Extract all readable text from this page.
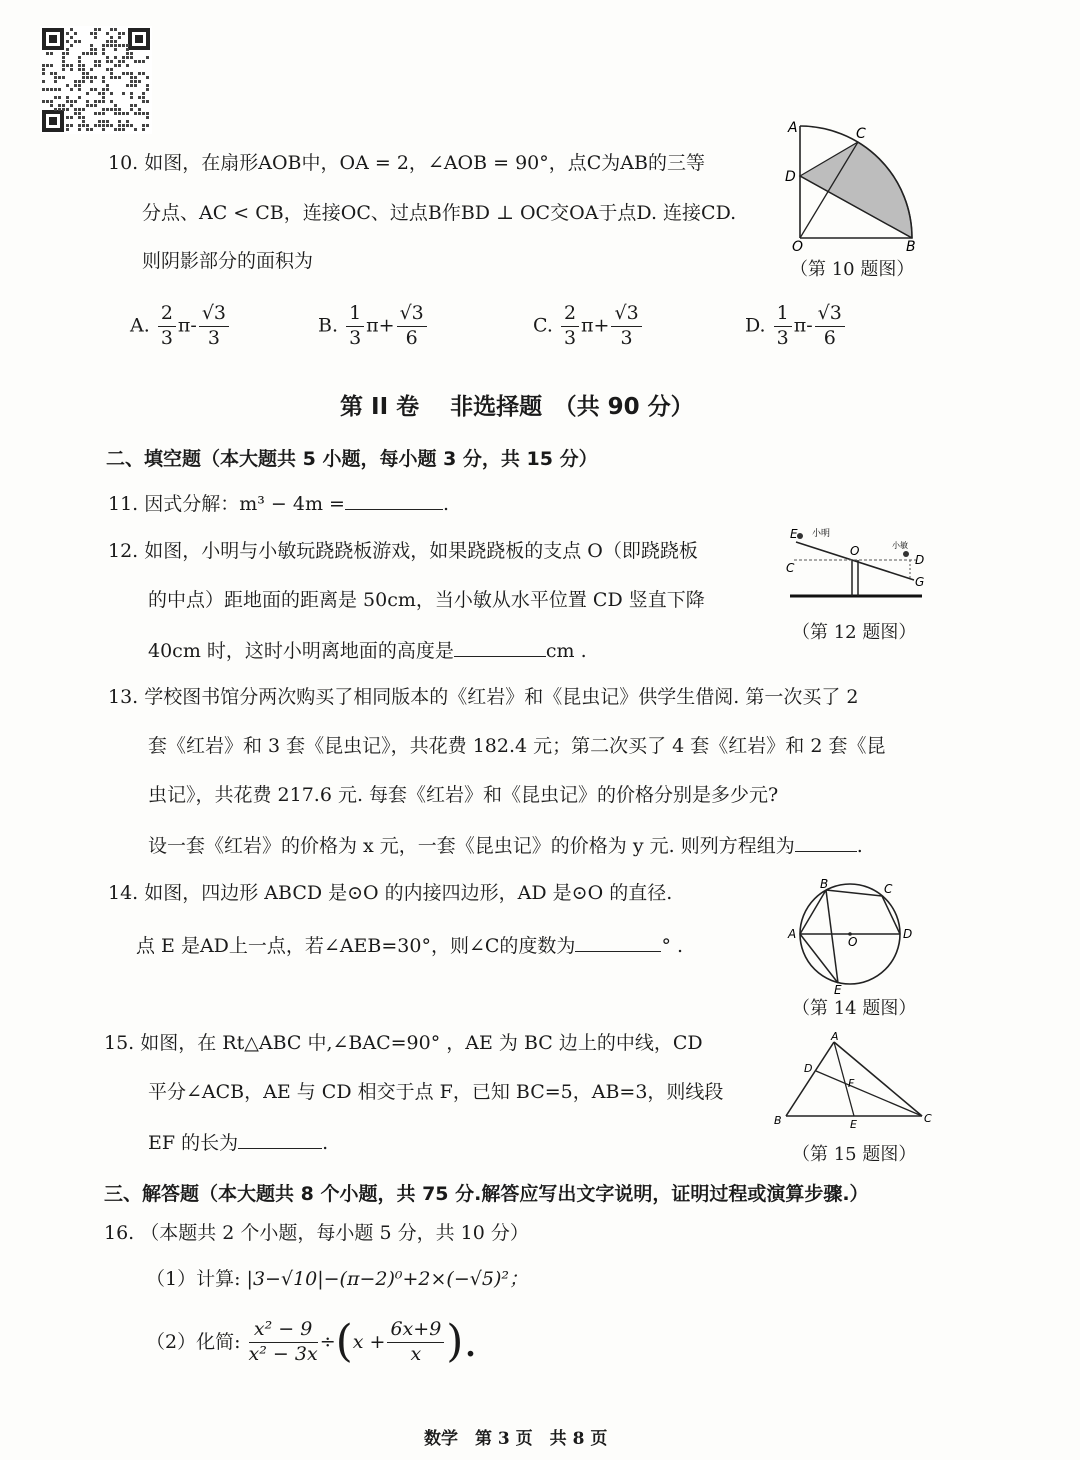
10. 如图，在扇形AOB中，OA = 2，∠AOB = 90°，点C为AB的三等
分点、AC < CB，连接OC、过点B作BD ⊥ OC交OA于点D. 连接CD.
则阴影部分的面积为
A	C
D
O	B
（第 10 题图）
A. $\frac{2}{3} \pi- \frac{√3}{3}$	B. $\frac{1}{3} \pi+ \frac{√3}{6}$	C. $\frac{2}{3} \pi+ \frac{√3}{3}$	D. $\frac{1}{3} \pi- \frac{√3}{6}$
第 II 卷　 非选择题　（共 90 分）
二、填空题（本大题共 5 小题，每小题 3 分，共 15 分）
11. 因式分解：m³ − 4m =	.
12. 如图，小明与小敏玩跷跷板游戏，如果跷跷板的支点 O（即跷跷板
的中点）距地面的距离是 50cm，当小敏从水平位置 CD 竖直下降
40cm 时，这时小明离地面的高度是	cm .
E 小明
O	小敏
C
D
G
（第 12 题图）
13. 学校图书馆分两次购买了相同版本的《红岩》和《昆虫记》供学生借阅. 第一次买了 2
套《红岩》和 3 套《昆虫记》，共花费 182.4 元；第二次买了 4 套《红岩》和 2 套《昆
虫记》，共花费 217.6 元. 每套《红岩》和《昆虫记》的价格分别是多少元?
设一套《红岩》的价格为 x 元，一套《昆虫记》的价格为 y 元. 则列方程组为	.
14. 如图，四边形 ABCD 是⊙O 的内接四边形，AD 是⊙O 的直径.
点 E 是AD上一点，若∠AEB=30°，则∠C的度数为	° .
B	C
A
O
D
E
（第 14 题图）
15. 如图，在 Rt△ABC 中,∠BAC=90° ，AE 为 BC 边上的中线，CD
平分∠ACB，AE 与 CD 相交于点 F，已知 BC=5，AB=3，则线段
EF 的长为	.
A
D
F
B	E	C
（第 15 题图）
三、解答题（本大题共 8 个小题，共 75 分.解答应写出文字说明，证明过程或演算步骤.）
16. （本题共 2 个小题，每小题 5 分，共 10 分）
（1）计算: |3−√10|−(π−2)⁰+2×(−√5)²；
（2）化简: $\frac{\text{x² − 9}}{\text{x² − 3x}} \div(x + \frac{6x+9}{x}$ ).
数学　第 3 页　共 8 页
